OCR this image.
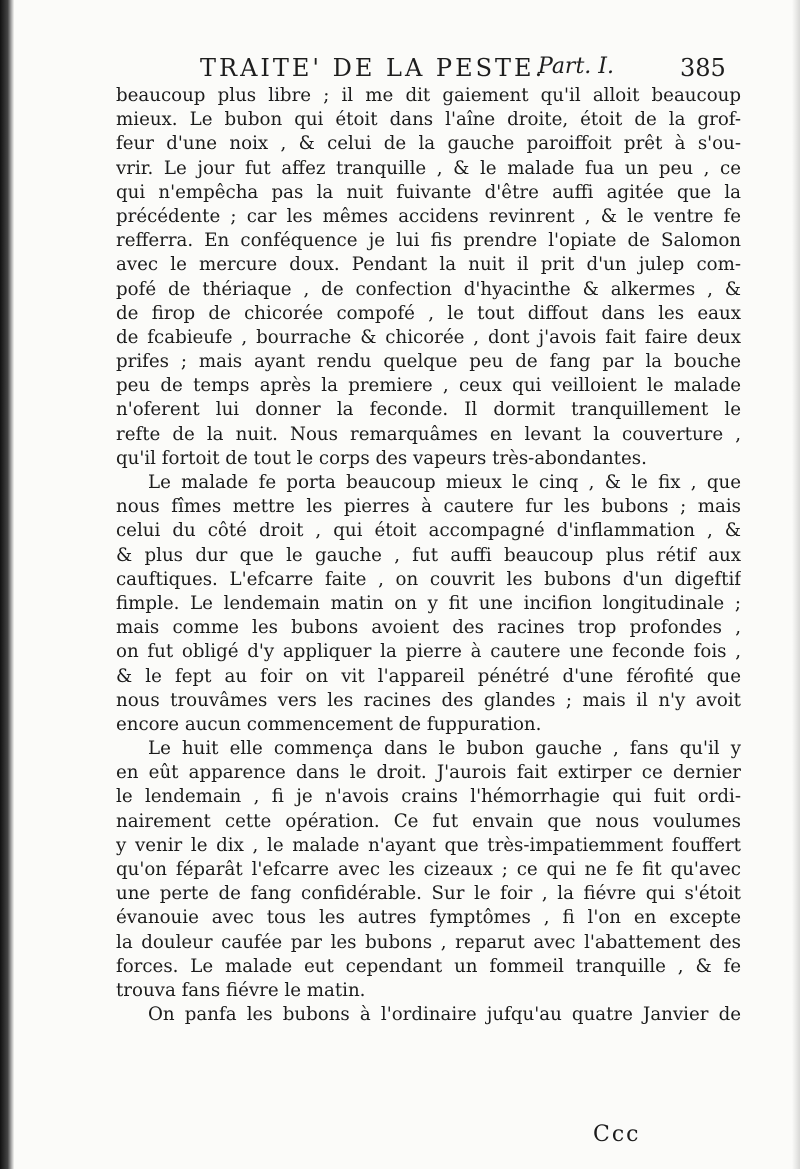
TRAITE' DE LA PESTE.
Part. I.	385
beaucoup plus libre ; il me dit gaiement qu'il alloit beaucoup
mieux. Le bubon qui étoit dans l'aîne droite, étoit de la grof-
feur d'une noix , & celui de la gauche paroiffoit prêt à s'ou-
vrir. Le jour fut affez tranquille , & le malade fua un peu , ce
qui n'empêcha pas la nuit fuivante d'être auffi agitée que la
précédente ; car les mêmes accidens revinrent , & le ventre fe
refferra. En conféquence je lui fis prendre l'opiate de Salomon
avec le mercure doux. Pendant la nuit il prit d'un julep com-
pofé de thériaque , de confection d'hyacinthe & alkermes , &
de firop de chicorée compofé , le tout diffout dans les eaux
de fcabieufe , bourrache & chicorée , dont j'avois fait faire deux
prifes ; mais ayant rendu quelque peu de fang par la bouche
peu de temps après la premiere , ceux qui veilloient le malade
n'oferent lui donner la feconde. Il dormit tranquillement le
refte de la nuit. Nous remarquâmes en levant la couverture ,
qu'il fortoit de tout le corps des vapeurs très-abondantes.
Le malade fe porta beaucoup mieux le cinq , & le fix , que
nous fîmes mettre les pierres à cautere fur les bubons ; mais
celui du côté droit , qui étoit accompagné d'inflammation , &
& plus dur que le gauche , fut auffi beaucoup plus rétif aux
cauftiques. L'efcarre faite , on couvrit les bubons d'un digeftif
fimple. Le lendemain matin on y fit une incifion longitudinale ;
mais comme les bubons avoient des racines trop profondes ,
on fut obligé d'y appliquer la pierre à cautere une feconde fois ,
& le fept au foir on vit l'appareil pénétré d'une férofité que
nous trouvâmes vers les racines des glandes ; mais il n'y avoit
encore aucun commencement de fuppuration.
Le huit elle commença dans le bubon gauche , fans qu'il y
en eût apparence dans le droit. J'aurois fait extirper ce dernier
le lendemain , fi je n'avois crains l'hémorrhagie qui fuit ordi-
nairement cette opération. Ce fut envain que nous voulumes
y venir le dix , le malade n'ayant que très-impatiemment fouffert
qu'on féparât l'efcarre avec les cizeaux ; ce qui ne fe fit qu'avec
une perte de fang confidérable. Sur le foir , la fiévre qui s'étoit
évanouie avec tous les autres fymptômes , fi l'on en excepte
la douleur caufée par les bubons , reparut avec l'abattement des
forces. Le malade eut cependant un fommeil tranquille , & fe
trouva fans fiévre le matin.
On panfa les bubons à l'ordinaire jufqu'au quatre Janvier de
Ccc
